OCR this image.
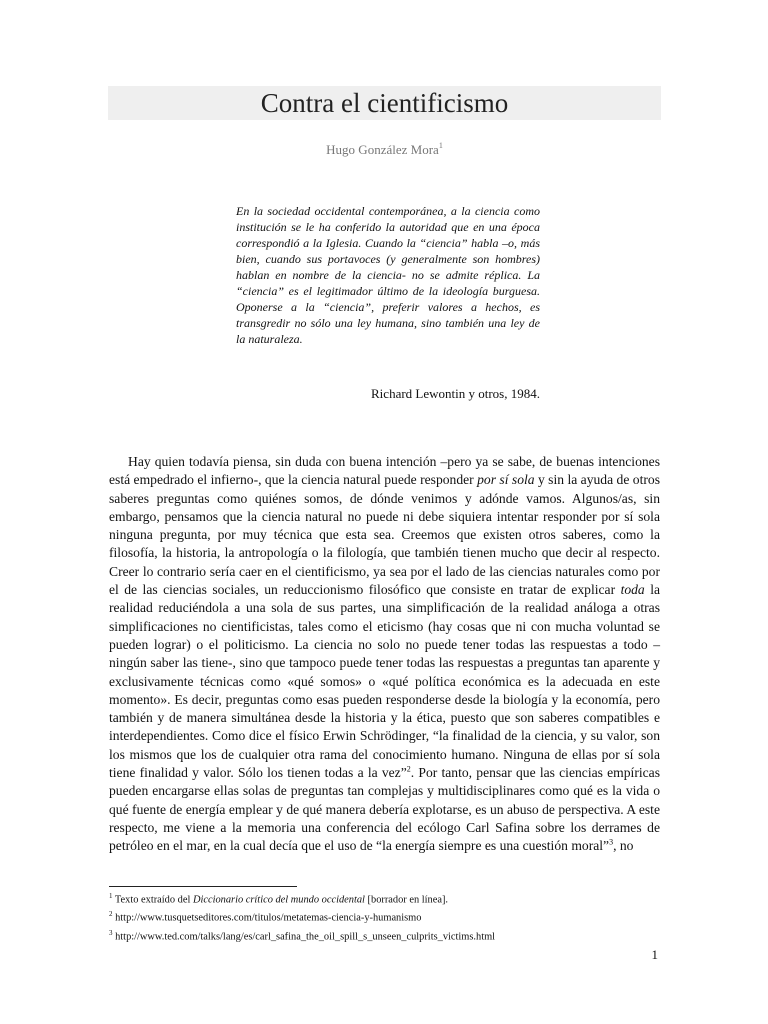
Contra el cientificismo
Hugo González Mora$^1$
En la sociedad occidental contemporánea, a la ciencia como institución se le ha conferido la autoridad que en una época correspondió a la Iglesia. Cuando la “ciencia” habla –o, más bien, cuando sus portavoces (y generalmente son hombres) hablan en nombre de la ciencia- no se admite réplica. La “ciencia” es el legitimador último de la ideología burguesa. Oponerse a la “ciencia”, preferir valores a hechos, es transgredir no sólo una ley humana, sino también una ley de la naturaleza.
Richard Lewontin y otros, 1984.

Hay quien todavía piensa, sin duda con buena intención –pero ya se sabe, de buenas intenciones está empedrado el infierno-, que la ciencia natural puede responder por sí sola y sin la ayuda de otros saberes preguntas como quiénes somos, de dónde venimos y adónde vamos. Algunos/as, sin embargo, pensamos que la ciencia natural no puede ni debe siquiera intentar responder por sí sola ninguna pregunta, por muy técnica que esta sea. Creemos que existen otros saberes, como la filosofía, la historia, la antropología o la filología, que también tienen mucho que decir al respecto. Creer lo contrario sería caer en el cientificismo, ya sea por el lado de las ciencias naturales como por el de las ciencias sociales, un reduccionismo filosófico que consiste en tratar de explicar toda la realidad reduciéndola a una sola de sus partes, una simplificación de la realidad análoga a otras simplificaciones no cientificistas, tales como el eticismo (hay cosas que ni con mucha voluntad se pueden lograr) o el politicismo. La ciencia no solo no puede tener todas las respuestas a todo –ningún saber las tiene-, sino que tampoco puede tener todas las respuestas a preguntas tan aparente y exclusivamente técnicas como «qué somos» o «qué política económica es la adecuada en este momento». Es decir, preguntas como esas pueden responderse desde la biología y la economía, pero también y de manera simultánea desde la historia y la ética, puesto que son saberes compatibles e interdependientes. Como dice el físico Erwin Schrödinger, “la finalidad de la ciencia, y su valor, son los mismos que los de cualquier otra rama del conocimiento humano. Ninguna de ellas por sí sola tiene finalidad y valor. Sólo los tienen todas a la vez”$^2$. Por tanto, pensar que las ciencias empíricas pueden encargarse ellas solas de preguntas tan complejas y multidisciplinares como qué es la vida o qué fuente de energía emplear y de qué manera debería explotarse, es un abuso de perspectiva. A este respecto, me viene a la memoria una conferencia del ecólogo Carl Safina sobre los derrames de petróleo en el mar, en la cual decía que el uso de “la energía siempre es una cuestión moral”$^3$, no

$^1$ Texto extraído del Diccionario crítico del mundo occidental [borrador en línea].
$^2$ http://www.tusquetseditores.com/titulos/metatemas-ciencia-y-humanismo
$^3$ http://www.ted.com/talks/lang/es/carl_safina_the_oil_spill_s_unseen_culprits_victims.html
1
